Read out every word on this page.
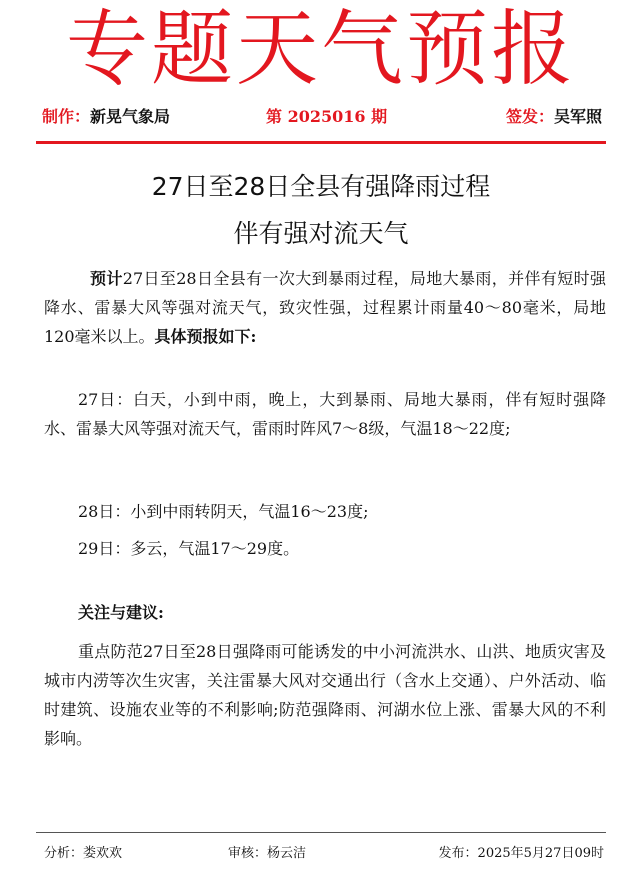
专题天气预报
制作：新晃气象局	第 2025016 期	签发：吴军照
27日至28日全县有强降雨过程
伴有强对流天气

预计27日至28日全县有一次大到暴雨过程，局地大暴雨，并伴有短时强降水、雷暴大风等强对流天气，致灾性强，过程累计雨量40～80毫米，局地120毫米以上。具体预报如下:

27日：白天，小到中雨，晚上，大到暴雨、局地大暴雨，伴有短时强降水、雷暴大风等强对流天气，雷雨时阵风7～8级，气温18～22度;

28日：小到中雨转阴天，气温16～23度;

29日：多云，气温17～29度。

关注与建议:

重点防范27日至28日强降雨可能诱发的中小河流洪水、山洪、地质灾害及城市内涝等次生灾害，关注雷暴大风对交通出行（含水上交通）、户外活动、临时建筑、设施农业等的不利影响;防范强降雨、河湖水位上涨、雷暴大风的不利影响。

分析：娄欢欢	审核：杨云洁	发布：2025年5月27日09时
